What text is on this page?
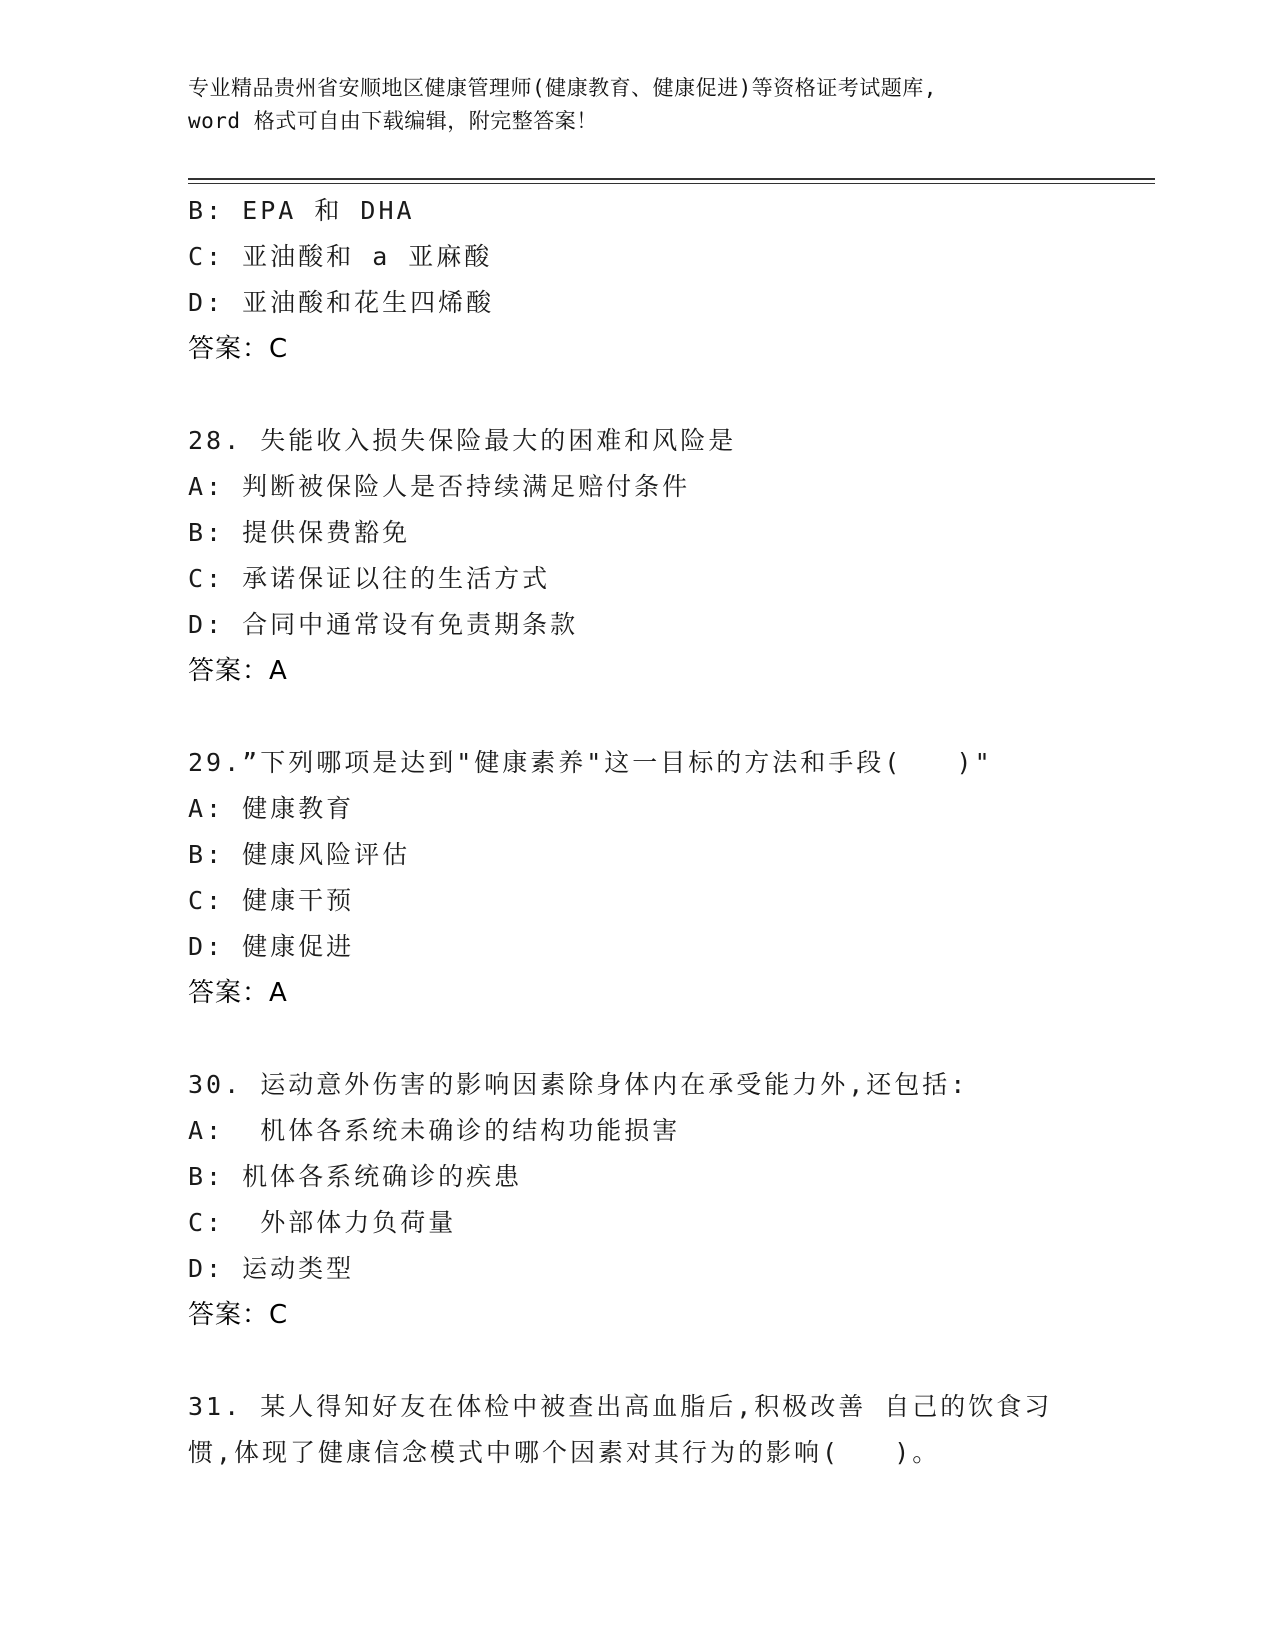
专业精品贵州省安顺地区健康管理师(健康教育、健康促进)等资格证考试题库,
word 格式可自由下载编辑，附完整答案！
B: EPA 和 DHA
C: 亚油酸和 a 亚麻酸
D: 亚油酸和花生四烯酸
答案：C
28. 失能收入损失保险最大的困难和风险是
A: 判断被保险人是否持续满足赔付条件
B: 提供保费豁免
C: 承诺保证以往的生活方式
D: 合同中通常设有免责期条款
答案：A
29.”下列哪项是达到"健康素养"这一目标的方法和手段(   )"
A: 健康教育
B: 健康风险评估
C: 健康干预
D: 健康促进
答案：A
30. 运动意外伤害的影响因素除身体内在承受能力外,还包括:
A:  机体各系统未确诊的结构功能损害
B: 机体各系统确诊的疾患
C:  外部体力负荷量
D: 运动类型
答案：C
31. 某人得知好友在体检中被查出高血脂后,积极改善 自己的饮食习
惯,体现了健康信念模式中哪个因素对其行为的影响(   )。
